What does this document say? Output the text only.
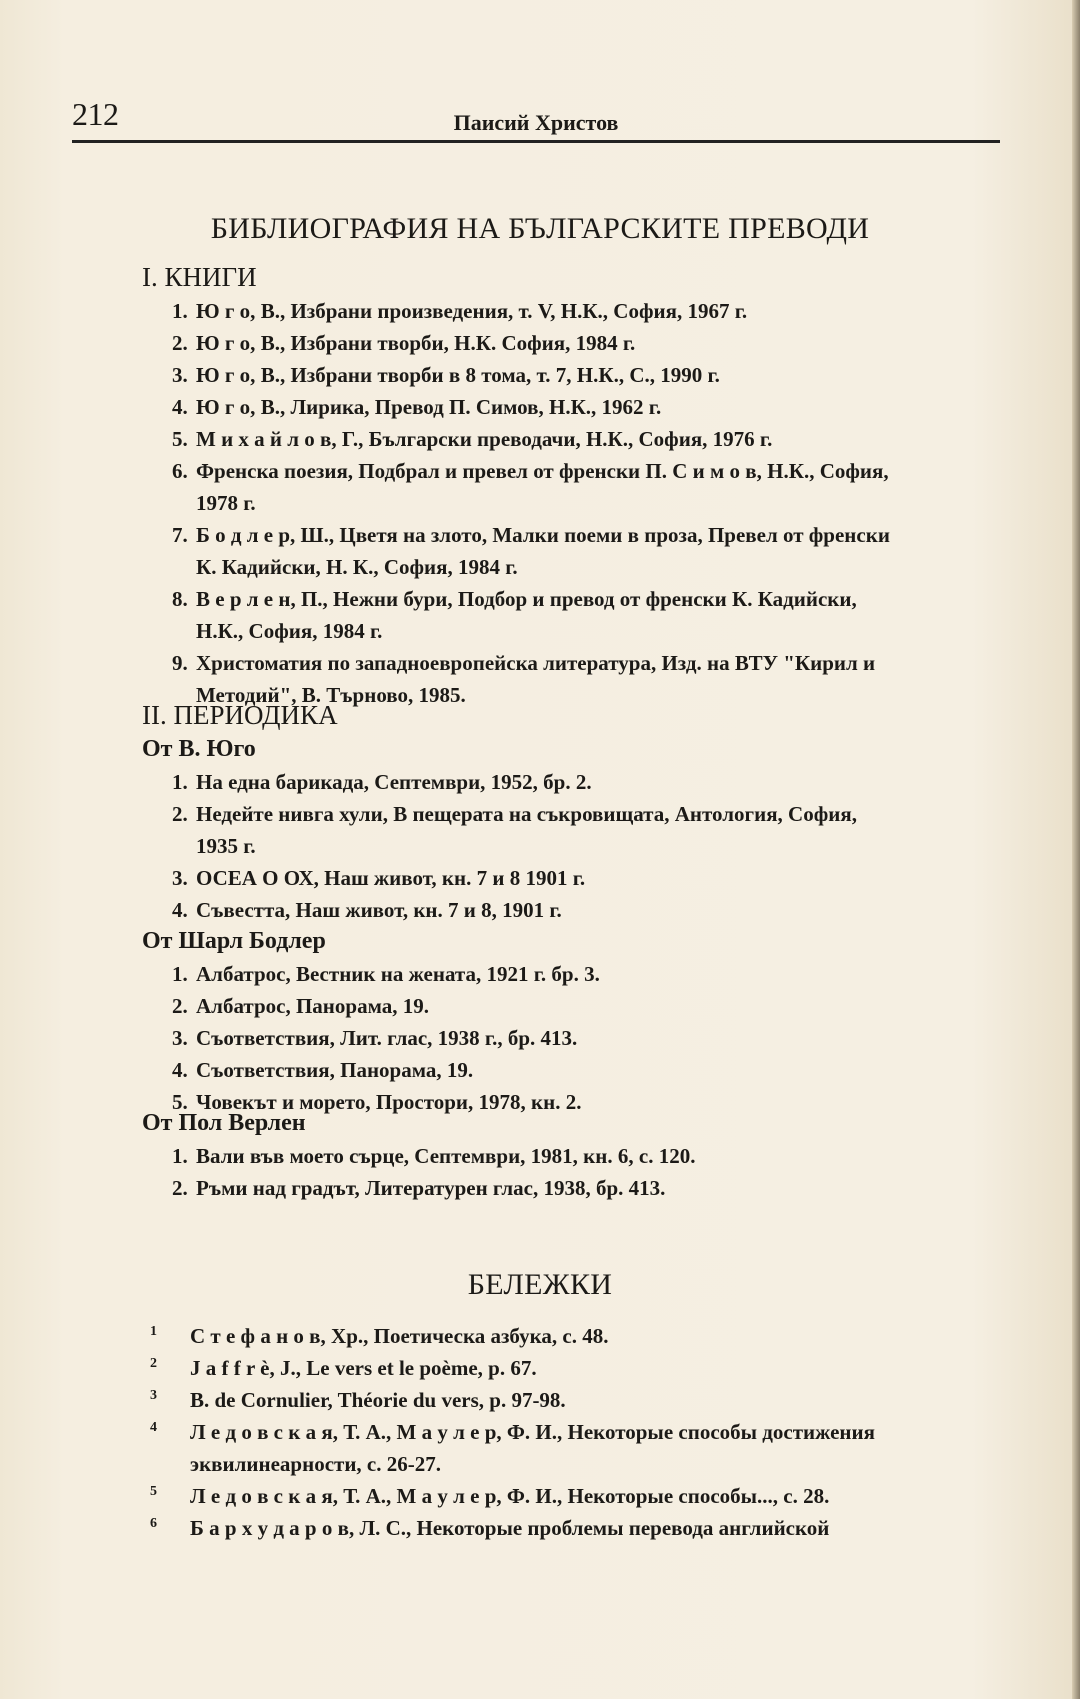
212	Паисий Христов
БИБЛИОГРАФИЯ НА БЪЛГАРСКИТЕ ПРЕВОДИ
I. КНИГИ
1. Ю г о, В., Избрани произведения, т. V, Н.К., София, 1967 г.
2. Ю г о, В., Избрани творби, Н.К. София, 1984 г.
3. Ю г о, В., Избрани творби в 8 тома, т. 7, Н.К., С., 1990 г.
4. Ю г о, В., Лирика, Превод П. Симов, Н.К., 1962 г.
5. М и х а й л о в, Г., Български преводачи, Н.К., София, 1976 г.
6. Френска поезия, Подбрал и превел от френски П. С и м о в, Н.К., София,
1978 г.
7. Б о д л е р, Ш., Цветя на злото, Малки поеми в проза, Превел от френски
К. Кадийски, Н. К., София, 1984 г.
8. В е р л е н, П., Нежни бури, Подбор и превод от френски К. Кадийски,
Н.К., София, 1984 г.
9. Христоматия по западноевропейска литература, Изд. на ВТУ "Кирил и
Методий", В. Търново, 1985.
II. ПЕРИОДИКА
От В. Юго
1. На една барикада, Септември, 1952, бр. 2.
2. Недейте нивга хули, В пещерата на съкровищата, Антология, София,
1935 г.
3. ОСЕА О ОХ, Наш живот, кн. 7 и 8 1901 г.
4. Съвестта, Наш живот, кн. 7 и 8, 1901 г.
От Шарл Бодлер
1. Албатрос, Вестник на жената, 1921 г. бр. 3.
2. Албатрос, Панорама, 19.
3. Съответствия, Лит. глас, 1938 г., бр. 413.
4. Съответствия, Панорама, 19.
5. Човекът и морето, Простори, 1978, кн. 2.
От Пол Верлен
1. Вали във моето сърце, Септември, 1981, кн. 6, с. 120.
2. Ръми над градът, Литературен глас, 1938, бр. 413.
БЕЛЕЖКИ
$^1$ С т е ф а н о в, Хр., Поетическа азбука, с. 48.
$^2$ J a f f r è, J., Le vers et le poème, p. 67.
$^3$ B. de Cornulier, Théorie du vers, p. 97-98.
$^4$ Л е д о в с к а я, Т. А., М а у л е р, Ф. И., Некоторые способы достижения
эквилинеарности, с. 26-27.
$^5$ Л е д о в с к а я, Т. А., М а у л е р, Ф. И., Некоторые способы..., с. 28.
$^6$ Б а р х у д а р о в, Л. С., Некоторые проблемы перевода английской
